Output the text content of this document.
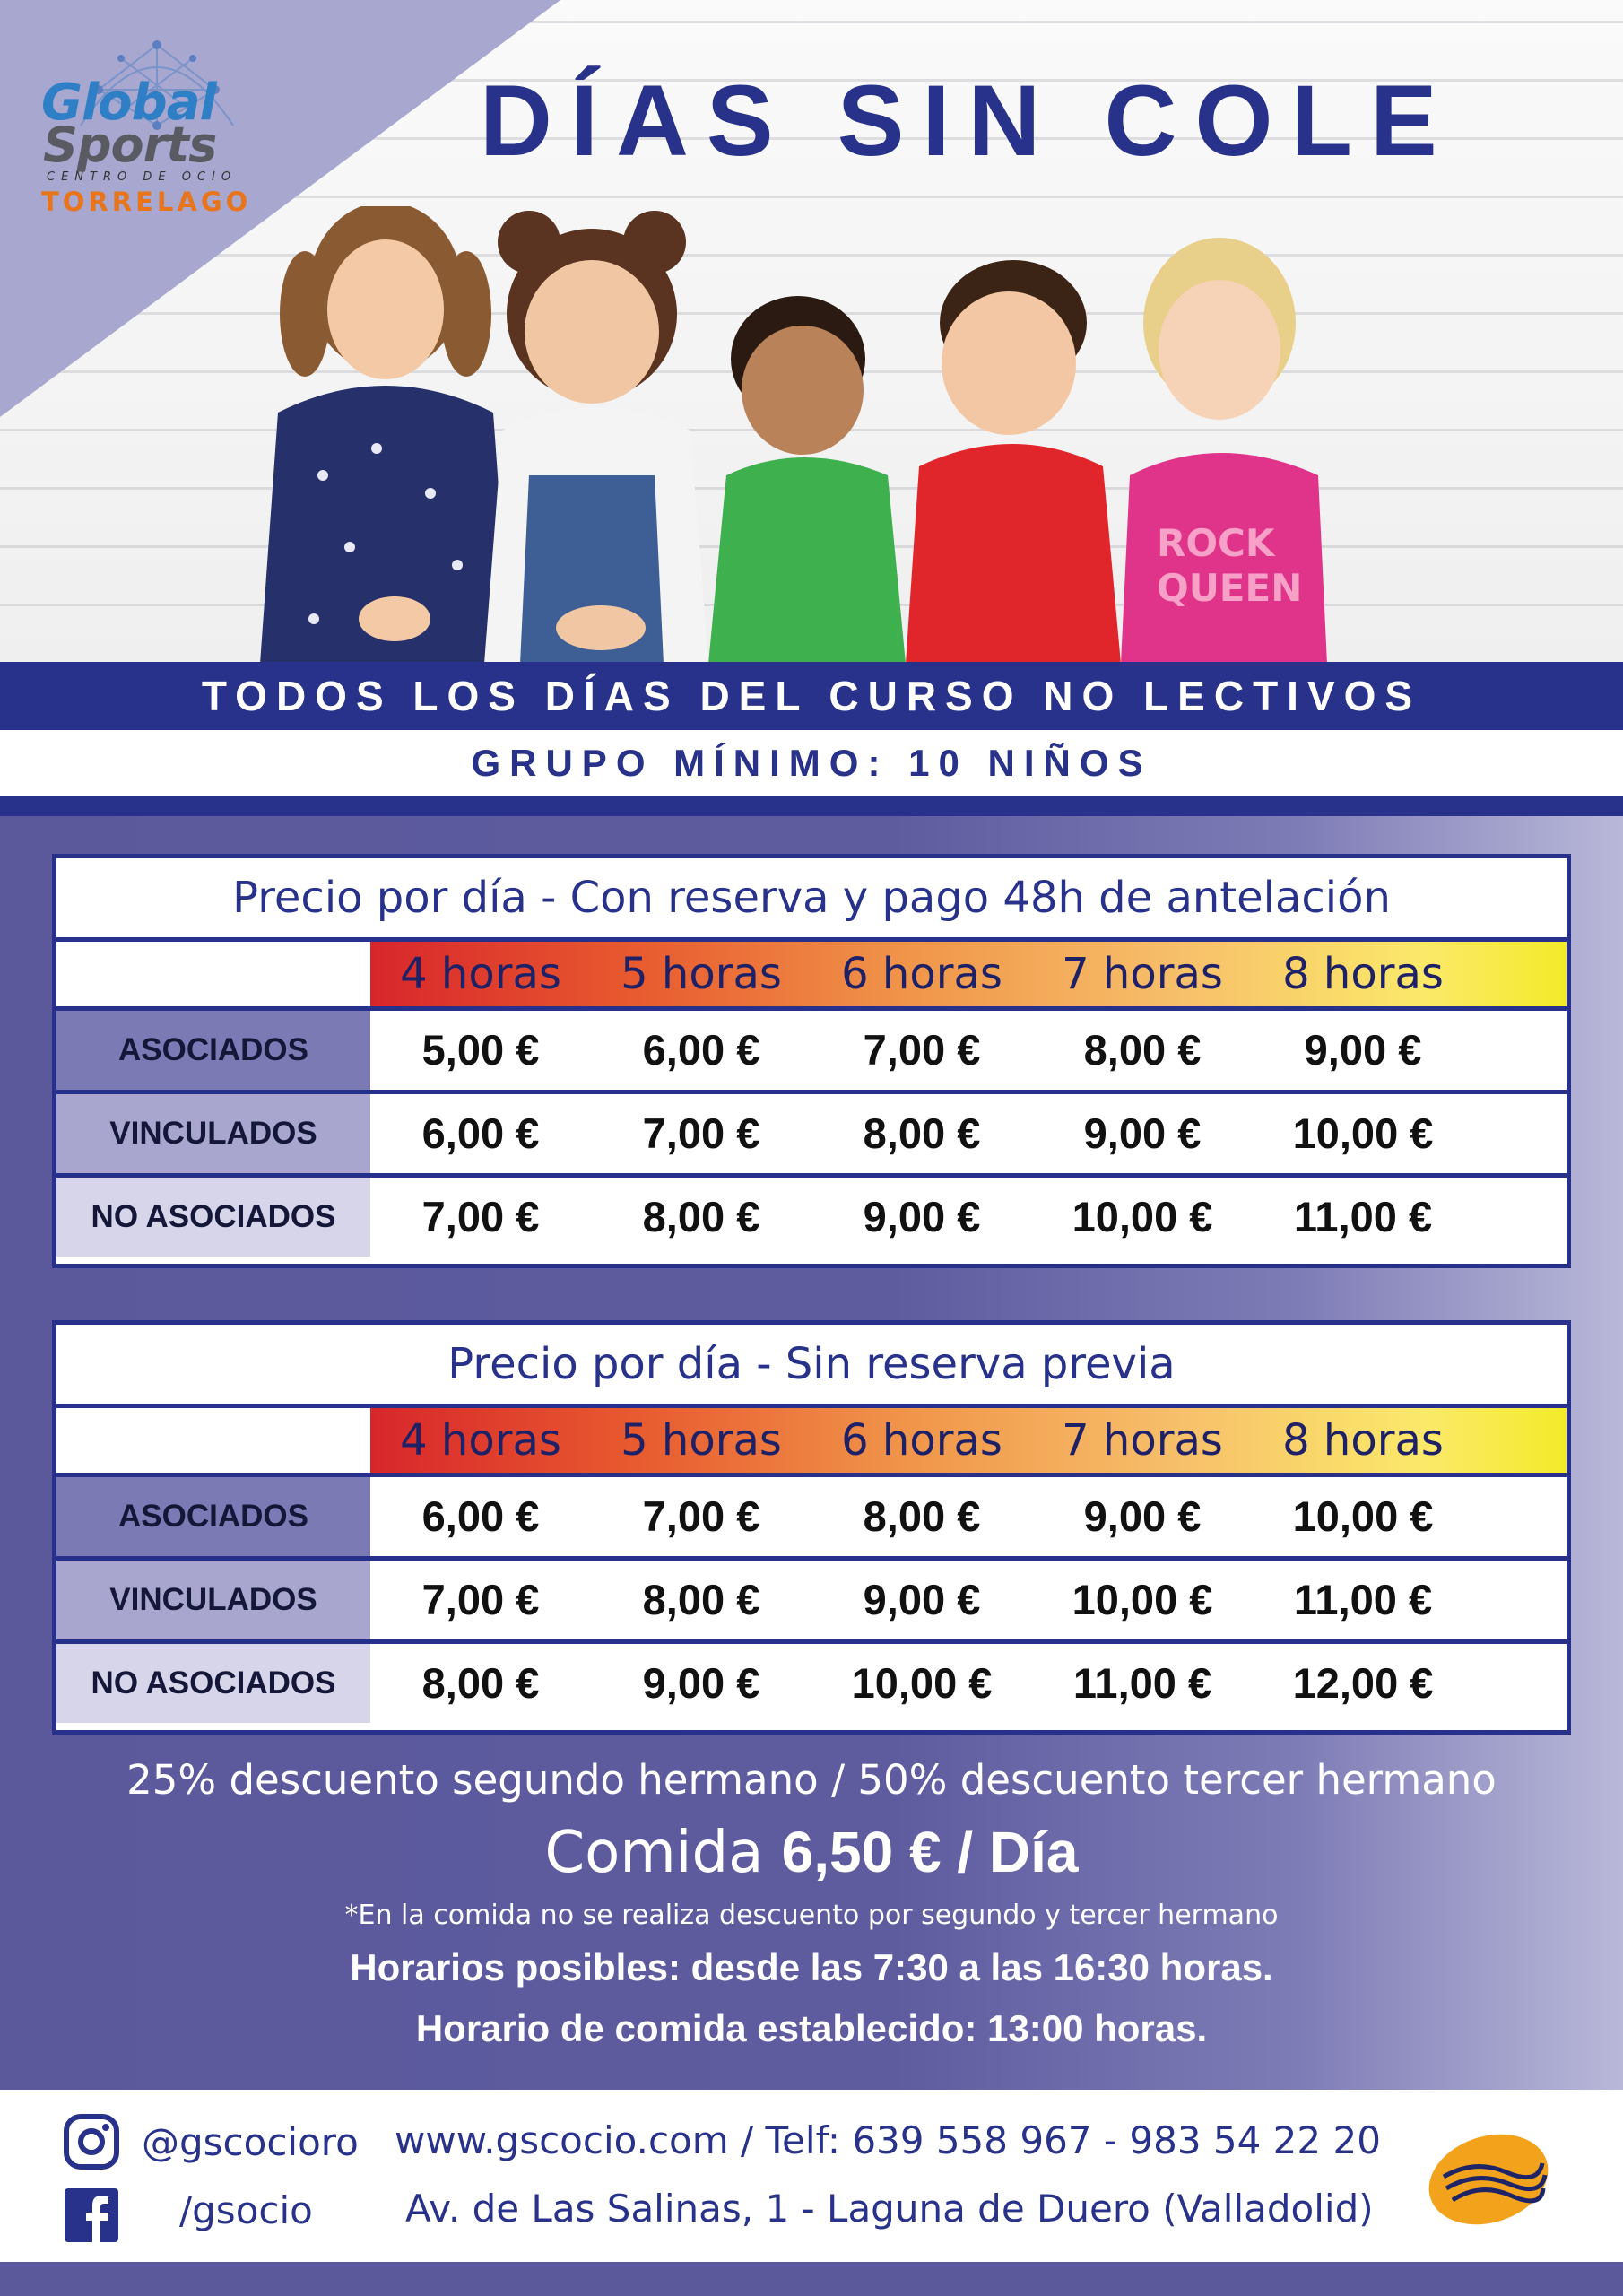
ROCK
QUEEN
Global
Sports
CENTRO DE OCIO
TORRELAGO
DÍAS SIN COLE
TODOS LOS DÍAS DEL CURSO NO LECTIVOS
GRUPO MÍNIMO: 10 NIÑOS
Precio por día - Con reserva y pago 48h de antelación
4 horas	5 horas	6 horas	7 horas	8 horas
ASOCIADOS	5,00 €	6,00 €	7,00 €	8,00 €	9,00 €
VINCULADOS	6,00 €	7,00 €	8,00 €	9,00 €	10,00 €
NO ASOCIADOS	7,00 €	8,00 €	9,00 €	10,00 €	11,00 €
Precio por día - Sin reserva previa
4 horas	5 horas	6 horas	7 horas	8 horas
ASOCIADOS	6,00 €	7,00 €	8,00 €	9,00 €	10,00 €
VINCULADOS	7,00 €	8,00 €	9,00 €	10,00 €	11,00 €
NO ASOCIADOS	8,00 €	9,00 €	10,00 €	11,00 €	12,00 €
25% descuento segundo hermano / 50% descuento tercer hermano
Comida 6,50 € / Día
*En la comida no se realiza descuento por segundo y tercer hermano
Horarios posibles: desde las 7:30 a las 16:30 horas.
Horario de comida establecido: 13:00 horas.
@gscocioro
/gsocio
www.gscocio.com / Telf: 639 558 967 - 983 54 22 20
Av. de Las Salinas, 1 - Laguna de Duero (Valladolid)
